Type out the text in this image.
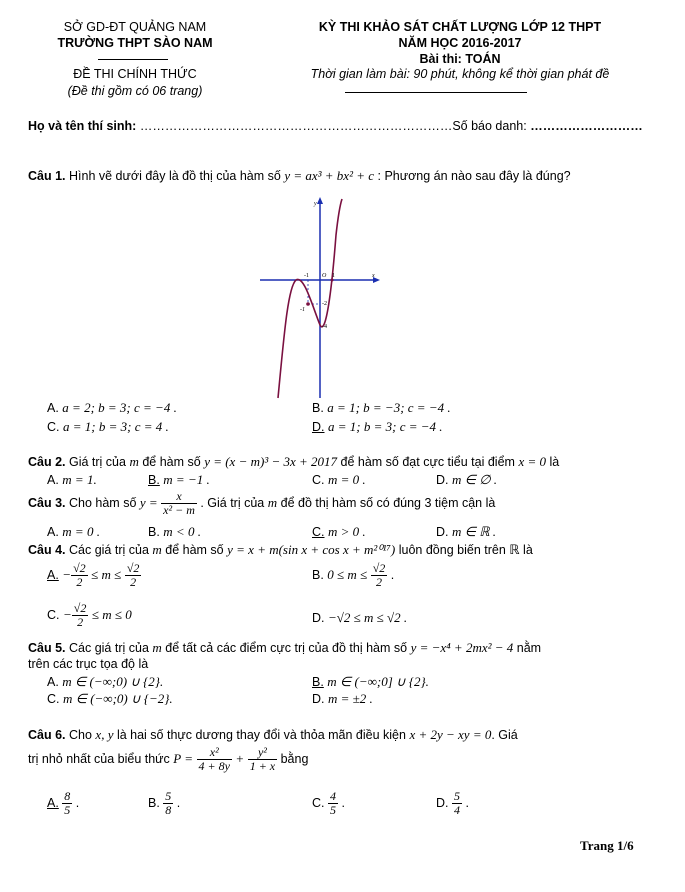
SỞ GD-ĐT QUẢNG NAM
TRƯỜNG THPT SÀO NAM
ĐỀ THI CHÍNH THỨC
(Đề thi gồm có 06 trang)
KỲ THI KHẢO SÁT CHẤT LƯỢNG LỚP 12 THPT
NĂM HỌC 2016-2017
Bài thi: TOÁN
Thời gian làm bài: 90 phút, không kể thời gian phát đề
Họ và tên thí sinh: …………………………………………………………………Số báo danh: ………………………
Câu 1. Hình vẽ dưới đây là đồ thị của hàm số y = ax³ + bx² + c : Phương án nào sau đây là đúng?
y
x
O
-1	1
-2
-1
-4
A. a = 2; b = 3; c = −4 .	B. a = 1; b = −3; c = −4 .
C. a = 1; b = 3; c = 4 .	D. a = 1; b = 3; c = −4 .
Câu 2. Giá trị của m để hàm số y = (x − m)³ − 3x + 2017 để hàm số đạt cực tiểu tại điểm x = 0 là
A. m = 1.	B. m = −1 .	C. m = 0 .	D. m ∈ ∅ .
Câu 3. Cho hàm số $y = \frac{x}{\text{x² − m}}$ . Giá trị của m để đồ thị hàm số có đúng 3 tiệm cận là
A. m = 0 .	B. m < 0 .	C. m > 0 .	D. m ∈ ℝ .
Câu 4. Các giá trị của m để hàm số y = x + m(sin x + cos x + m²⁰¹⁷) luôn đồng biến trên ℝ là
A. − $\frac{√2}{2} \le m \le \frac{√2}{2}$	B. $0 \le m \le \frac{√2}{2}$ .
C. − $\frac{√2}{2} \le m \le 0$	D. −√2 ≤ m ≤ √2 .
Câu 5. Các giá trị của m để tất cả các điểm cực trị của đồ thị hàm số y = −x⁴ + 2mx² − 4 nằm
trên các trục tọa độ là
A. m ∈ (−∞;0) ∪ {2}.	B. m ∈ (−∞;0] ∪ {2}.
C. m ∈ (−∞;0) ∪ {−2}.	D. m = ±2 .
Câu 6. Cho x, y là hai số thực dương thay đổi và thỏa mãn điều kiện x + 2y − xy = 0. Giá
trị nhỏ nhất của biểu thức $P = \frac{\text{x²}}{4 + 8y} + \frac{\text{y²}}{1 + x}$ bằng
A. $\frac{8}{5}$ .	B. $\frac{5}{8}$ .	C. $\frac{4}{5}$ .	D. $\frac{5}{4}$ .
Trang 1/6
